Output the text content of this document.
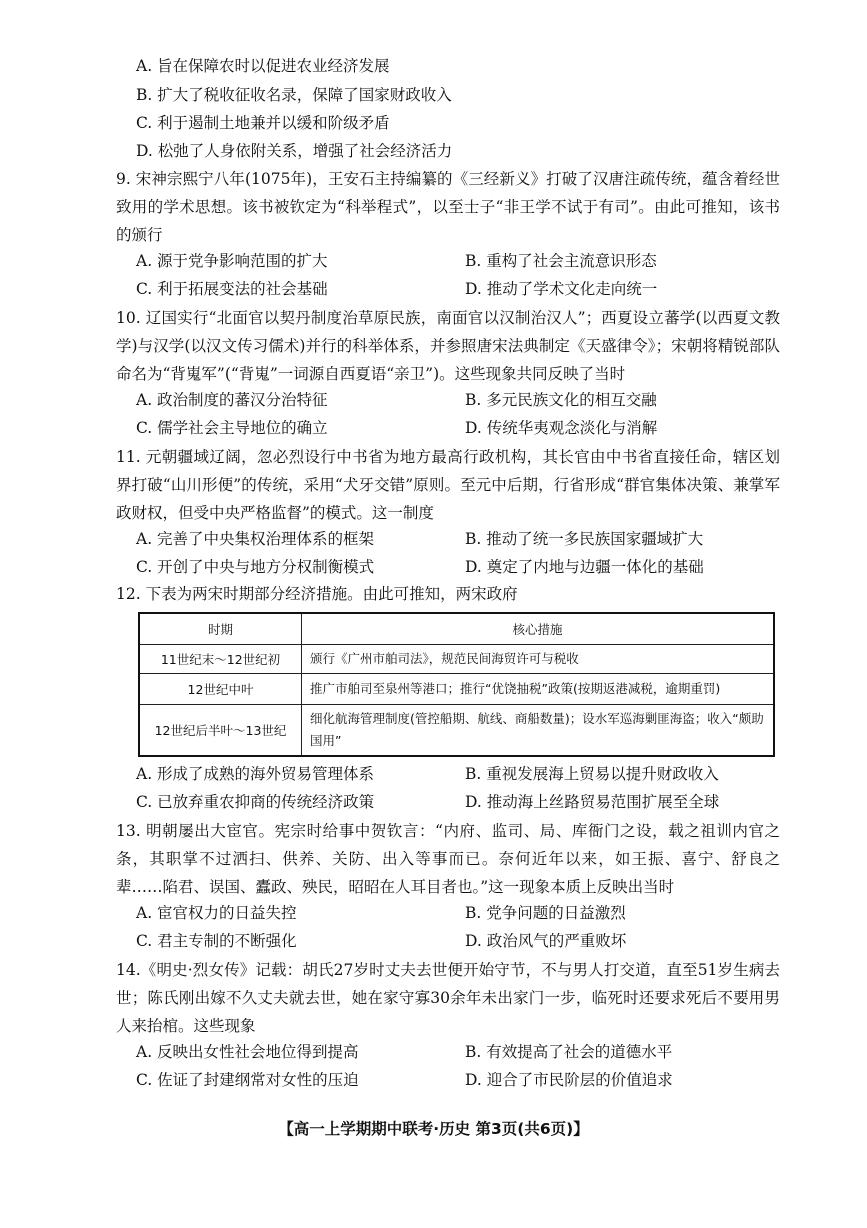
A. 旨在保障农时以促进农业经济发展
B. 扩大了税收征收名录，保障了国家财政收入
C. 利于遏制土地兼并以缓和阶级矛盾
D. 松弛了人身依附关系，增强了社会经济活力
9. 宋神宗熙宁八年(1075年)，王安石主持编纂的《三经新义》打破了汉唐注疏传统，蕴含着经世致用的学术思想。该书被钦定为“科举程式”，以至士子“非王学不试于有司”。由此可推知，该书的颁行
A. 源于党争影响范围的扩大	B. 重构了社会主流意识形态
C. 利于拓展变法的社会基础	D. 推动了学术文化走向统一
10. 辽国实行“北面官以契丹制度治草原民族，南面官以汉制治汉人”；西夏设立蕃学(以西夏文教学)与汉学(以汉文传习儒术)并行的科举体系，并参照唐宋法典制定《天盛律令》；宋朝将精锐部队命名为“背嵬军”(“背嵬”一词源自西夏语“亲卫”)。这些现象共同反映了当时
A. 政治制度的蕃汉分治特征	B. 多元民族文化的相互交融
C. 儒学社会主导地位的确立	D. 传统华夷观念淡化与消解
11. 元朝疆域辽阔，忽必烈设行中书省为地方最高行政机构，其长官由中书省直接任命，辖区划界打破“山川形便”的传统，采用“犬牙交错”原则。至元中后期，行省形成“群官集体决策、兼掌军政财权，但受中央严格监督”的模式。这一制度
A. 完善了中央集权治理体系的框架	B. 推动了统一多民族国家疆域扩大
C. 开创了中央与地方分权制衡模式	D. 奠定了内地与边疆一体化的基础
12. 下表为两宋时期部分经济措施。由此可推知，两宋政府
时期	核心措施
11世纪末～12世纪初	颁行《广州市舶司法》，规范民间海贸许可与税收
12世纪中叶	推广市舶司至泉州等港口；推行“优饶抽税”政策(按期返港减税，逾期重罚)
12世纪后半叶～13世纪	细化航海管理制度(管控船期、航线、商船数量)；设水军巡海剿匪海盗；收入“颇助国用”
A. 形成了成熟的海外贸易管理体系	B. 重视发展海上贸易以提升财政收入
C. 已放弃重农抑商的传统经济政策	D. 推动海上丝路贸易范围扩展至全球
13. 明朝屡出大宦官。宪宗时给事中贺钦言：“内府、监司、局、库衙门之设，载之祖训内官之条，其职掌不过洒扫、供养、关防、出入等事而已。奈何近年以来，如王振、喜宁、舒良之辈……陷君、误国、蠹政、殃民，昭昭在人耳目者也。”这一现象本质上反映出当时
A. 宦官权力的日益失控	B. 党争问题的日益激烈
C. 君主专制的不断强化	D. 政治风气的严重败坏
14.《明史·烈女传》记载：胡氏27岁时丈夫去世便开始守节，不与男人打交道，直至51岁生病去世；陈氏刚出嫁不久丈夫就去世，她在家守寡30余年未出家门一步，临死时还要求死后不要用男人来抬棺。这些现象
A. 反映出女性社会地位得到提高	B. 有效提高了社会的道德水平
C. 佐证了封建纲常对女性的压迫	D. 迎合了市民阶层的价值追求
【高一上学期期中联考·历史 第3页(共6页)】
